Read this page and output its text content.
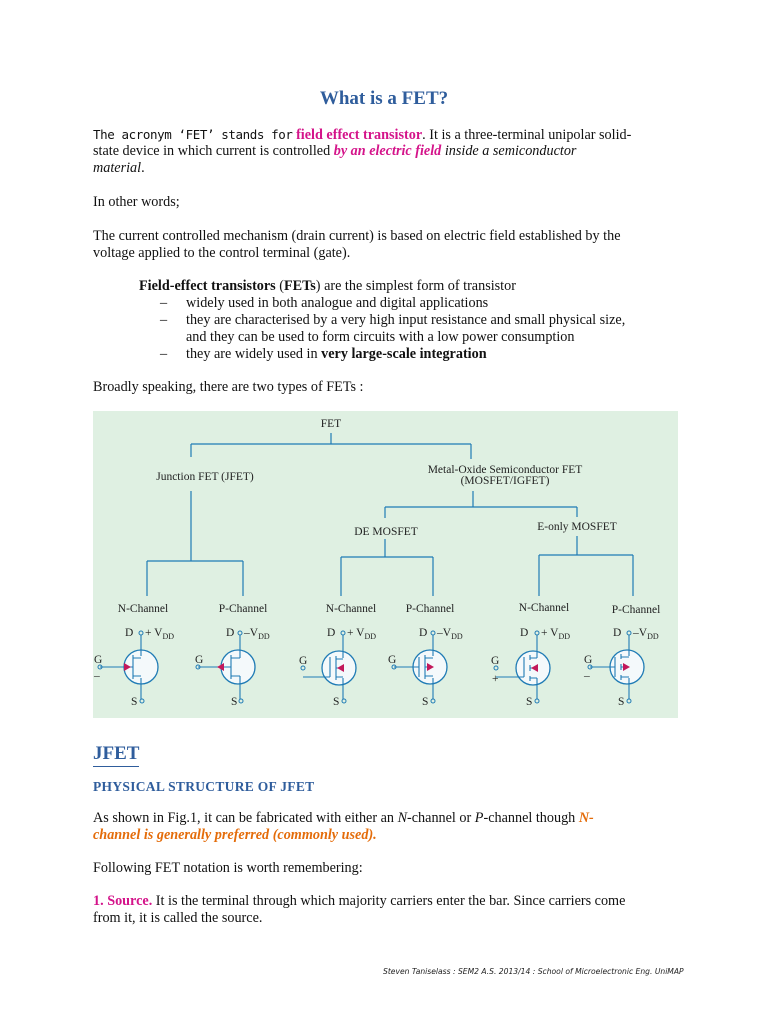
What is a FET?
The acronym ‘FET’ stands for field effect transistor. It is a three-terminal unipolar solid-
state device in which current is controlled by an electric field inside a semiconductor
material.
In other words;
The current controlled mechanism (drain current) is based on electric field established by the
voltage applied to the control terminal (gate).
Field-effect transistors (FETs) are the simplest form of transistor
– widely used in both analogue and digital applications
– they are characterised by a very high input resistance and small physical size,
and they can be used to form circuits with a low power consumption
– they are widely used in very large-scale integration
Broadly speaking, there are two types of FETs :
FET
Junction FET (JFET)
Metal-Oxide Semiconductor FET
(MOSFET/IGFET)
DE MOSFET	E-only MOSFET
N-Channel	P-Channel	N-Channel	P-Channel	N-Channel	P-Channel
$D + V_{DD}$
G
–
S
D $-V_{DD}$
G
S
$D + V_{DD}$
G
S
D $-V_{DD}$
G
S
$D + V_{DD}$
G
+
S
D $-V_{DD}$
G
–
S
JFET
PHYSICAL STRUCTURE OF JFET
As shown in Fig.1, it can be fabricated with either an N-channel or P-channel though N-
channel is generally preferred (commonly used).
Following FET notation is worth remembering:
1. Source. It is the terminal through which majority carriers enter the bar. Since carriers come
from it, it is called the source.
Steven Taniselass : SEM2 A.S. 2013/14 : School of Microelectronic Eng. UniMAP
